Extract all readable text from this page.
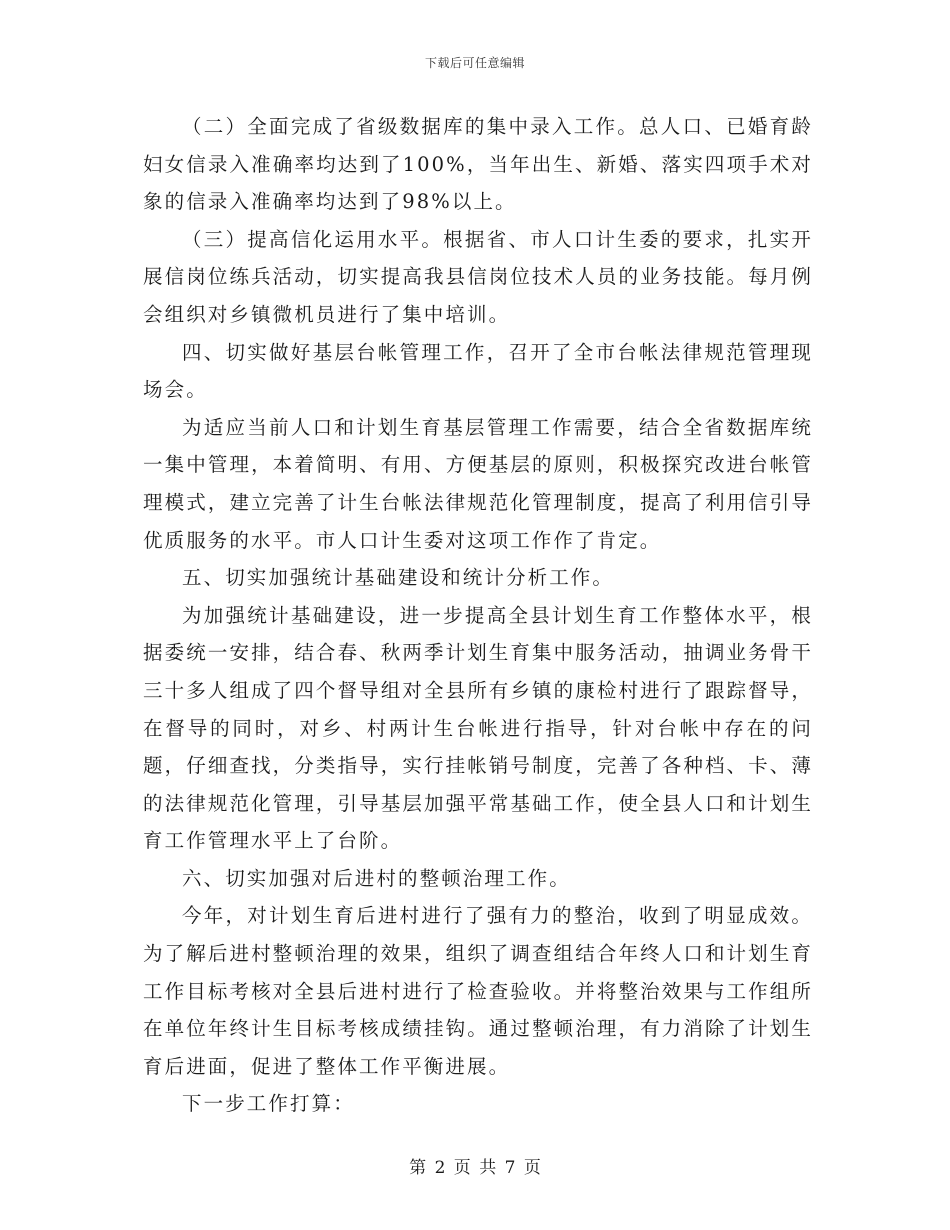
下载后可任意编辑

（二）全面完成了省级数据库的集中录入工作。总人口、已婚育龄妇女信录入准确率均达到了100%，当年出生、新婚、落实四项手术对象的信录入准确率均达到了98%以上。

（三）提高信化运用水平。根据省、市人口计生委的要求，扎实开展信岗位练兵活动，切实提高我县信岗位技术人员的业务技能。每月例会组织对乡镇微机员进行了集中培训。

四、切实做好基层台帐管理工作，召开了全市台帐法律规范管理现场会。

为适应当前人口和计划生育基层管理工作需要，结合全省数据库统一集中管理，本着简明、有用、方便基层的原则，积极探究改进台帐管理模式，建立完善了计生台帐法律规范化管理制度，提高了利用信引导优质服务的水平。市人口计生委对这项工作作了肯定。

五、切实加强统计基础建设和统计分析工作。

为加强统计基础建设，进一步提高全县计划生育工作整体水平，根据委统一安排，结合春、秋两季计划生育集中服务活动，抽调业务骨干三十多人组成了四个督导组对全县所有乡镇的康检村进行了跟踪督导，在督导的同时，对乡、村两计生台帐进行指导，针对台帐中存在的问题，仔细查找，分类指导，实行挂帐销号制度，完善了各种档、卡、薄的法律规范化管理，引导基层加强平常基础工作，使全县人口和计划生育工作管理水平上了台阶。

六、切实加强对后进村的整顿治理工作。

今年，对计划生育后进村进行了强有力的整治，收到了明显成效。为了解后进村整顿治理的效果，组织了调查组结合年终人口和计划生育工作目标考核对全县后进村进行了检查验收。并将整治效果与工作组所在单位年终计生目标考核成绩挂钩。通过整顿治理，有力消除了计划生育后进面，促进了整体工作平衡进展。

下一步工作打算：

第 2 页 共 7 页
